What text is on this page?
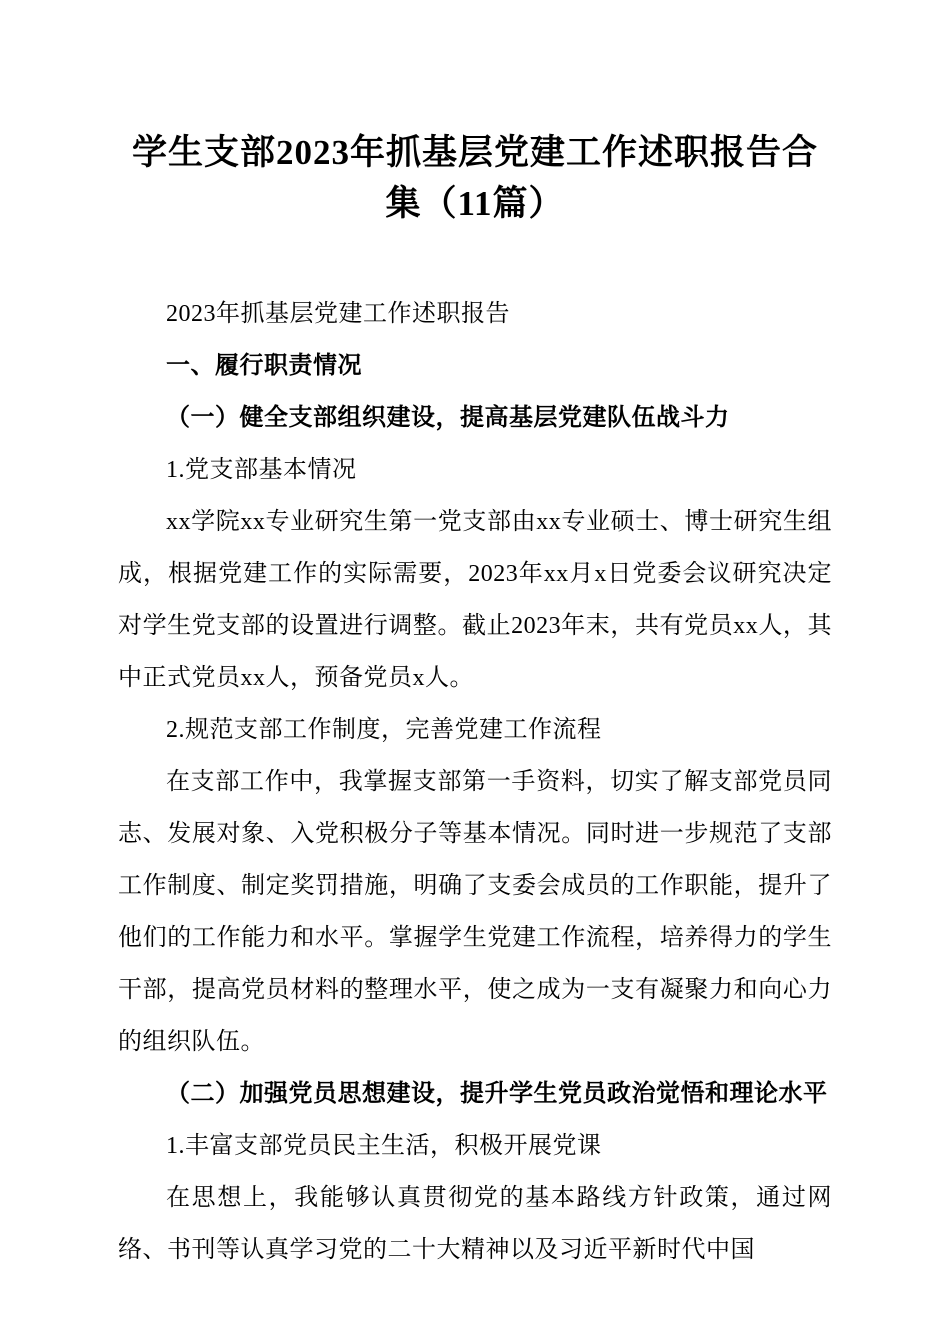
学生支部2023年抓基层党建工作述职报告合集（11篇）

2023年抓基层党建工作述职报告

一、履行职责情况

（一）健全支部组织建设，提高基层党建队伍战斗力

1.党支部基本情况

xx学院xx专业研究生第一党支部由xx专业硕士、博士研究生组成，根据党建工作的实际需要，2023年xx月x日党委会议研究决定对学生党支部的设置进行调整。截止2023年末，共有党员xx人，其中正式党员xx人，预备党员x人。

2.规范支部工作制度，完善党建工作流程

在支部工作中，我掌握支部第一手资料，切实了解支部党员同志、发展对象、入党积极分子等基本情况。同时进一步规范了支部工作制度、制定奖罚措施，明确了支委会成员的工作职能，提升了他们的工作能力和水平。掌握学生党建工作流程，培养得力的学生干部，提高党员材料的整理水平，使之成为一支有凝聚力和向心力的组织队伍。

（二）加强党员思想建设，提升学生党员政治觉悟和理论水平

1.丰富支部党员民主生活，积极开展党课

在思想上，我能够认真贯彻党的基本路线方针政策，通过网络、书刊等认真学习党的二十大精神以及习近平新时代中国
